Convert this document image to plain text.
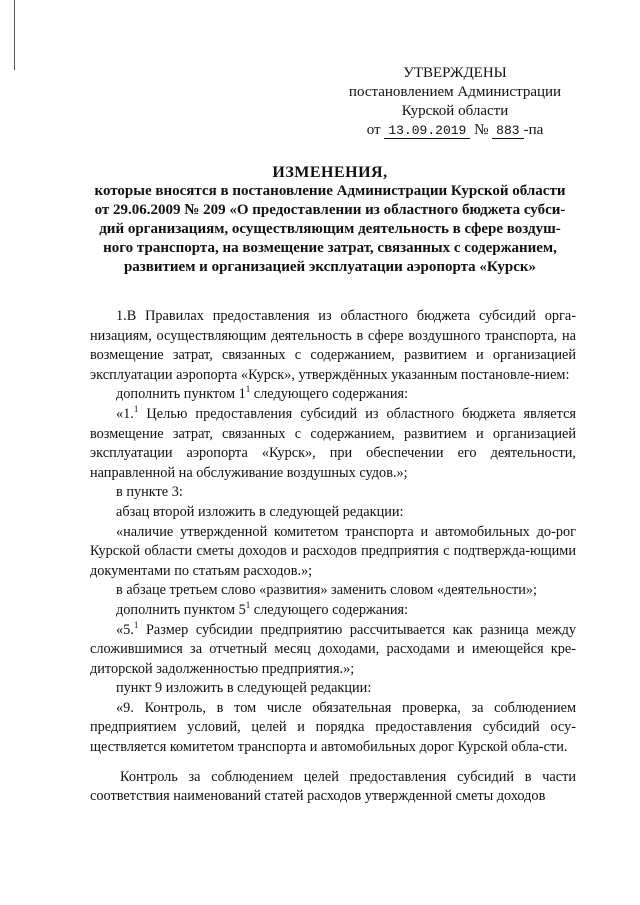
УТВЕРЖДЕНЫ
постановлением Администрации
Курской области
от 13.09.2019 № 883 -па
ИЗМЕНЕНИЯ,
которые вносятся в постановление Администрации Курской области
от 29.06.2009 № 209 «О предоставлении из областного бюджета субси-
дий организациям, осуществляющим деятельность в сфере воздуш-
ного транспорта, на возмещение затрат, связанных с содержанием,
развитием и организацией эксплуатации аэропорта «Курск»

1.В Правилах предоставления из областного бюджета субсидий орга-низациям, осуществляющим деятельность в сфере воздушного транспорта, на возмещение затрат, связанных с содержанием, развитием и организацией эксплуатации аэропорта «Курск», утверждённых указанным постановле-нием:

дополнить пунктом $1^1$ следующего содержания:

«1.$^1$ Целью предоставления субсидий из областного бюджета является возмещение затрат, связанных с содержанием, развитием и организацией эксплуатации аэропорта «Курск», при обеспечении его деятельности, направленной на обслуживание воздушных судов.»;

в пункте 3:

абзац второй изложить в следующей редакции:

«наличие утвержденной комитетом транспорта и автомобильных до-рог Курской области сметы доходов и расходов предприятия с подтвержда-ющими документами по статьям расходов.»;

в абзаце третьем слово «развития» заменить словом «деятельности»;

дополнить пунктом $5^1$ следующего содержания:

«5.$^1$ Размер субсидии предприятию рассчитывается как разница между сложившимися за отчетный месяц доходами, расходами и имеющейся кре-диторской задолженностью предприятия.»;

пункт 9 изложить в следующей редакции:

«9. Контроль, в том числе обязательная проверка, за соблюдением предприятием условий, целей и порядка предоставления субсидий осу-ществляется комитетом транспорта и автомобильных дорог Курской обла-сти.

Контроль за соблюдением целей предоставления субсидий в части соответствия наименований статей расходов утвержденной сметы доходов
